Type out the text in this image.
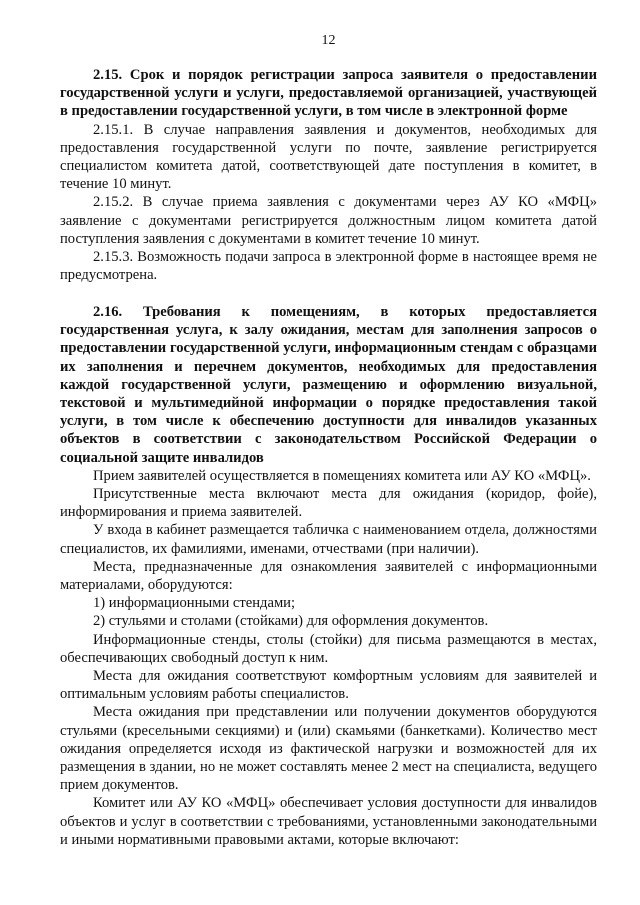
12

2.15. Срок и порядок регистрации запроса заявителя о предоставлении государственной услуги и услуги, предоставляемой организацией, участвующей в предоставлении государственной услуги, в том числе в электронной форме

2.15.1. В случае направления заявления и документов, необходимых для предоставления государственной услуги по почте, заявление регистрируется специалистом комитета датой, соответствующей дате поступления в комитет, в течение 10 минут.

2.15.2. В случае приема заявления с документами через АУ КО «МФЦ» заявление с документами регистрируется должностным лицом комитета датой поступления заявления с документами в комитет течение 10 минут.

2.15.3. Возможность подачи запроса в электронной форме в настоящее время не предусмотрена.

2.16. Требования к помещениям, в которых предоставляется государственная услуга, к залу ожидания, местам для заполнения запросов о предоставлении государственной услуги, информационным стендам с образцами их заполнения и перечнем документов, необходимых для предоставления каждой государственной услуги, размещению и оформлению визуальной, текстовой и мультимедийной информации о порядке предоставления такой услуги, в том числе к обеспечению доступности для инвалидов указанных объектов в соответствии с законодательством Российской Федерации о социальной защите инвалидов

Прием заявителей осуществляется в помещениях комитета или АУ КО «МФЦ».

Присутственные места включают места для ожидания (коридор, фойе), информирования и приема заявителей.

У входа в кабинет размещается табличка с наименованием отдела, должностями специалистов, их фамилиями, именами, отчествами (при наличии).

Места, предназначенные для ознакомления заявителей с информационными материалами, оборудуются:

1) информационными стендами;

2) стульями и столами (стойками) для оформления документов.

Информационные стенды, столы (стойки) для письма размещаются в местах, обеспечивающих свободный доступ к ним.

Места для ожидания соответствуют комфортным условиям для заявителей и оптимальным условиям работы специалистов.

Места ожидания при представлении или получении документов оборудуются стульями (кресельными секциями) и (или) скамьями (банкетками). Количество мест ожидания определяется исходя из фактической нагрузки и возможностей для их размещения в здании, но не может составлять менее 2 мест на специалиста, ведущего прием документов.

Комитет или АУ КО «МФЦ» обеспечивает условия доступности для инвалидов объектов и услуг в соответствии с требованиями, установленными законодательными и иными нормативными правовыми актами, которые включают:
